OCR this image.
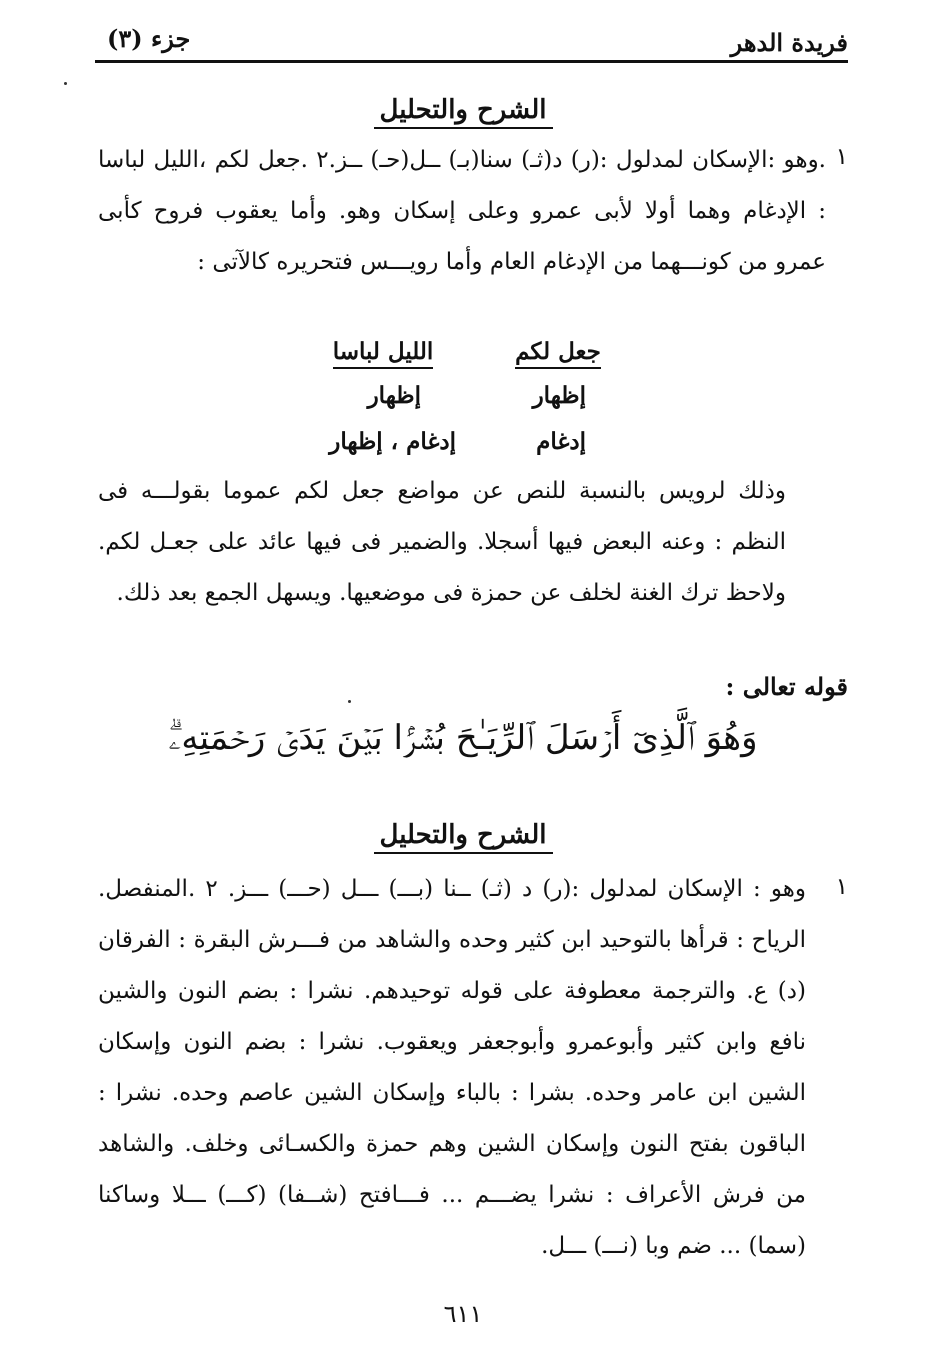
جزء (٣)	فريدة الدهر
الشرح والتحليل
١
.وهو :الإسكان لمدلول :(ر) د(ثـ) سنا(بـ) ــل(حـ) ــز.٢ .جعل لكم ،الليل لباسا : الإدغام وهما أولا لأبى عمرو وعلى إسكان وهو. وأما يعقوب فروح كأبى عمرو من كونـــهما من الإدغام العام وأما رويـــس فتحريره كالآتى :
جعل لكم
الليل لباسا
إظهار
إظهار
إدغام
إدغام ، إظهار
وذلك لرويس بالنسبة للنص عن مواضع جعل لكم عموما بقولـــه فى النظم : وعنه البعض فيها أسجلا. والضمير فى فيها عائد على جعـل لكم. ولاحظ ترك الغنة لخلف عن حمزة فى موضعيها. ويسهل الجمع بعد ذلك.
قوله تعالى :
وَهُوَ ٱلَّذِىٓ أَرۡسَلَ ٱلرِّيَـٰحَ بُشۡرَۢا بَيۡنَ يَدَىۡ رَحۡمَتِهِۦۗ
الشرح والتحليل
١
وهو : الإسكان لمدلول :(ر) د (ثـ) ــنا (بـــ) ـــل (حـــ) ـــز. ٢ .المنفصل. الرياح : قرأها بالتوحيد ابن كثير وحده والشاهد من فـــرش البقرة : الفرقان (د) ع. والترجمة معطوفة على قوله توحيدهم. نشرا : بضم النون والشين نافع وابن كثير وأبوعمرو وأبوجعفر ويعقوب. نشرا : بضم النون وإسكان الشين ابن عامر وحده. بشرا : بالباء وإسكان الشين عاصم وحده. نشرا : الباقون بفتح النون وإسكان الشين وهم حمزة والكسـائى وخلف. والشاهد من فرش الأعراف : نشرا يضـــم ... فـــافتح (شــفا) (كـــ) ـــلا وساكنا (سما) ... ضم وبا (نـــ) ـــل.
٦١١
